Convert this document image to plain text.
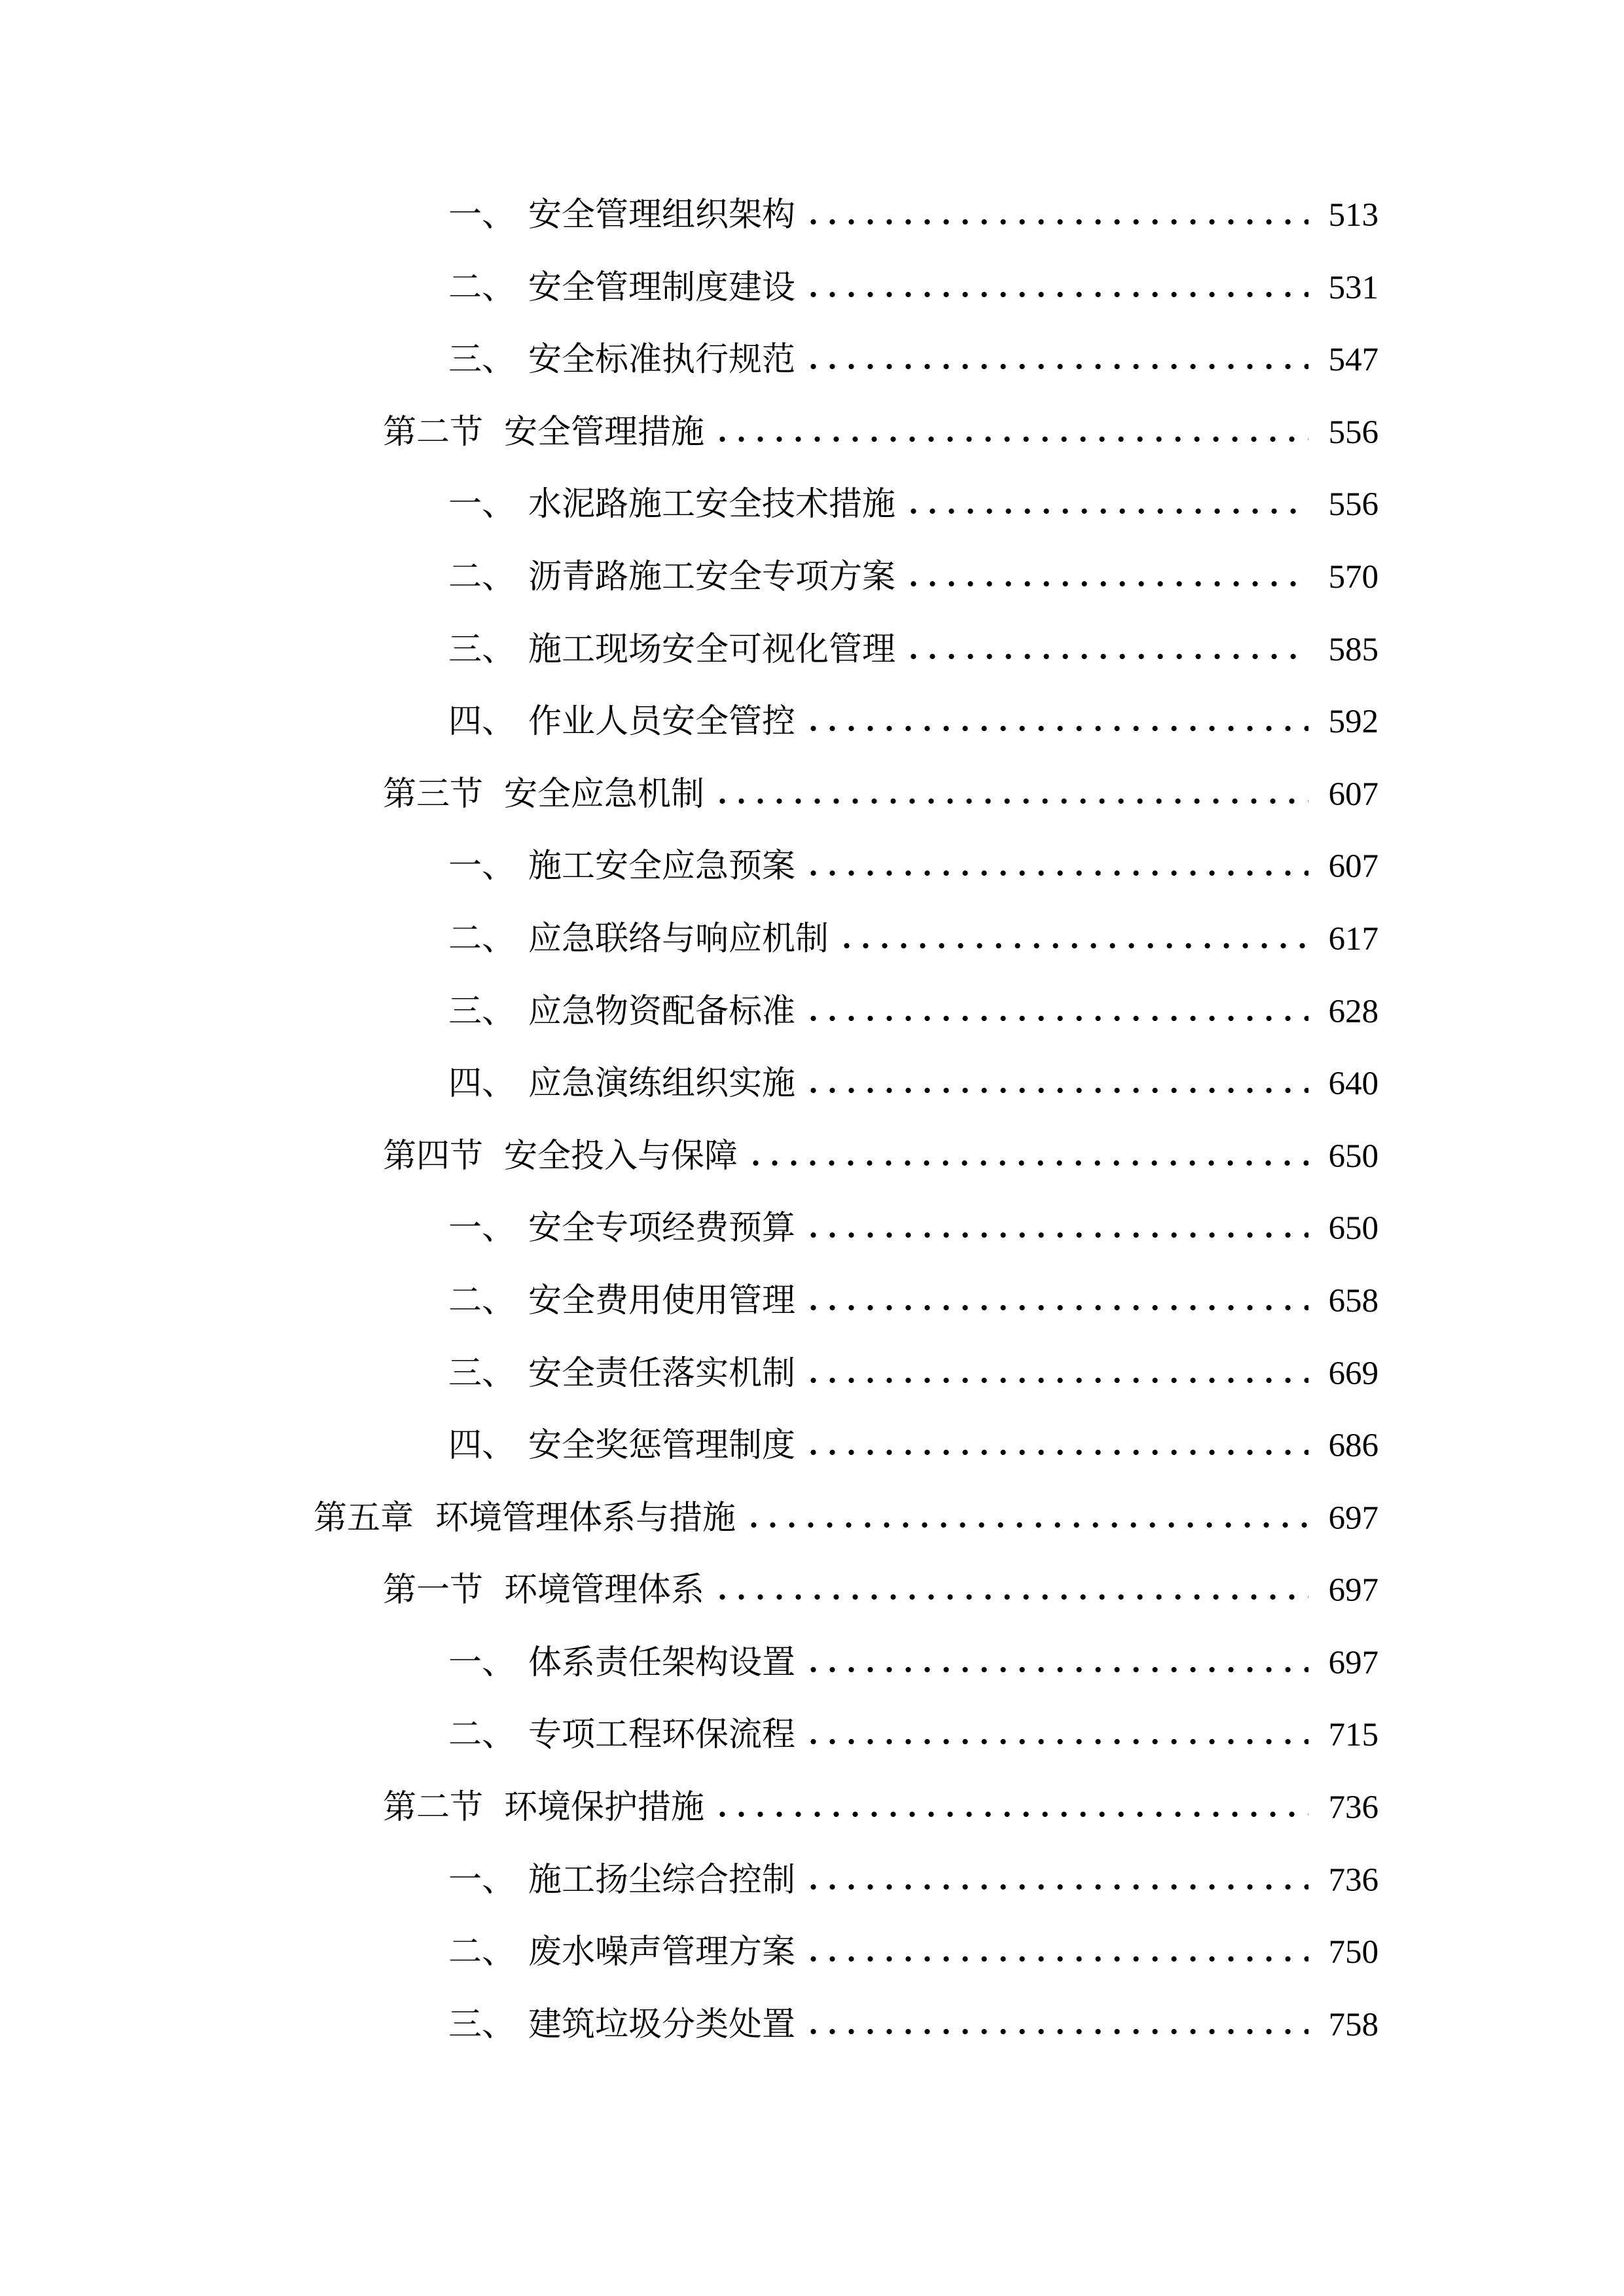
一、 安全管理组织架构	513
二、 安全管理制度建设	531
三、 安全标准执行规范	547
第二节 安全管理措施	556
一、 水泥路施工安全技术措施	556
二、 沥青路施工安全专项方案	570
三、 施工现场安全可视化管理	585
四、 作业人员安全管控	592
第三节 安全应急机制	607
一、 施工安全应急预案	607
二、 应急联络与响应机制	617
三、 应急物资配备标准	628
四、 应急演练组织实施	640
第四节 安全投入与保障	650
一、 安全专项经费预算	650
二、 安全费用使用管理	658
三、 安全责任落实机制	669
四、 安全奖惩管理制度	686
第五章 环境管理体系与措施	697
第一节 环境管理体系	697
一、 体系责任架构设置	697
二、 专项工程环保流程	715
第二节 环境保护措施	736
一、 施工扬尘综合控制	736
二、 废水噪声管理方案	750
三、 建筑垃圾分类处置	758
